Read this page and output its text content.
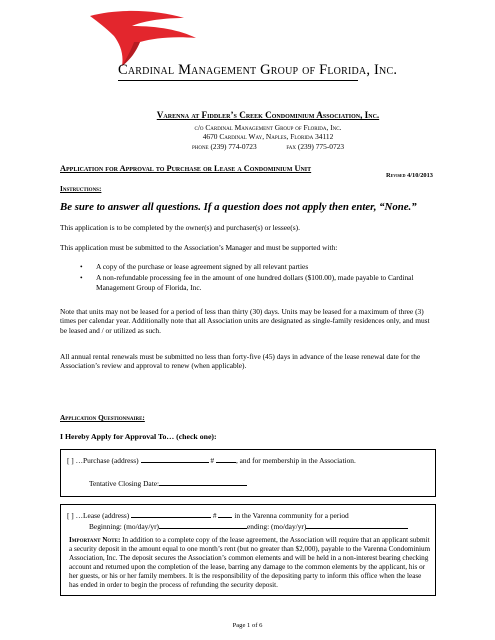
Cardinal Management Group of Florida, Inc.
Varenna at Fiddler’s Creek Condominium Association, Inc.
c/o Cardinal Management Group of Florida, Inc.
4670 Cardinal Way, Naples, Florida 34112
phone (239) 774-0723	fax (239) 775-0723
Application for Approval to Purchase or Lease a Condominium Unit
Revised 4/10/2013
Instructions:
Be sure to answer all questions. If a question does not apply then enter, “None.”
This application is to be completed by the owner(s) and purchaser(s) or lessee(s).
This application must be submitted to the Association’s Manager and must be supported with:
• A copy of the purchase or lease agreement signed by all relevant parties
• A non-refundable processing fee in the amount of one hundred dollars ($100.00), made payable to Cardinal Management Group of Florida, Inc.
Note that units may not be leased for a period of less than thirty (30) days. Units may be leased for a maximum of three (3) times per calendar year. Additionally note that all Association units are designated as single-family residences only, and must be leased and / or utilized as such.
All annual rental renewals must be submitted no less than forty-five (45) days in advance of the lease renewal date for the Association’s review and approval to renew (when applicable).
Application Questionnaire:
I Hereby Apply for Approval To… (check one):
[ ] …Purchase (address)	#	, and for membership in the Association.
Tentative Closing Date:
[ ] …Lease (address)	#  in the Varenna community for a period
Beginning: (mo/day/yr)	ending: (mo/day/yr)
Important Note: In addition to a complete copy of the lease agreement, the Association will require that an applicant submit a security deposit in the amount equal to one month’s rent (but no greater than $2,000), payable to the Varenna Condominium Association, Inc. The deposit secures the Association’s common elements and will be held in a non-interest bearing checking account and returned upon the completion of the lease, barring any damage to the common elements by the applicant, his or her guests, or his or her family members. It is the responsibility of the depositing party to inform this office when the lease has ended in order to begin the process of refunding the security deposit.
Page 1 of 6
